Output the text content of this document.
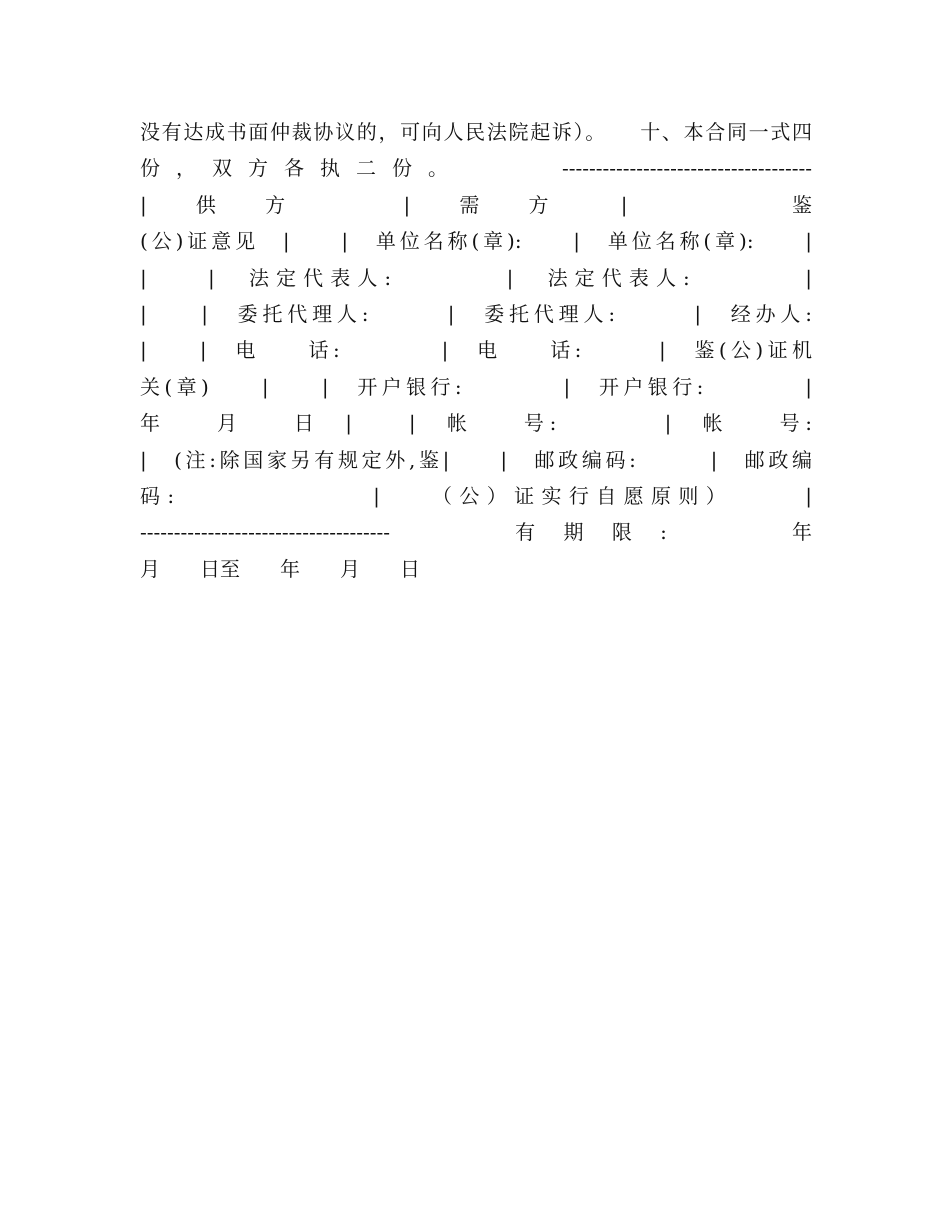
没有达成书面仲裁协议的，可向人民法院起诉）。　　十、本合同一式四
份，双方各执二份。　　　-------------------------------------
|　　供　　方　　　　　|　　需　　方　　　|　　　　　　　鉴
(公)证意见　|　　|　单位名称(章):　　|　单位名称(章):　　|
|　　|　法定代表人:　　　　|　法定代表人:　　　　|
|　　|　委托代理人:　　　|　委托代理人:　　　|　经办人:
|　　|　电　　话:　　　　|　电　　话:　　　|　鉴(公)证机
关(章)　　|　　|　开户银行:　　　　|　开户银行:　　　　|
年　　月　　日　|　　|　帐　　号:　　　　|　帐　　号:
|　(注:除国家另有规定外,鉴|　　|　邮政编码:　　　|　邮政编
码:　　　　　　　|　　（公）证实行自愿原则）　　　|
-------------------------------------　　有期限:　　年
月　　日至　　年　　月　　日
